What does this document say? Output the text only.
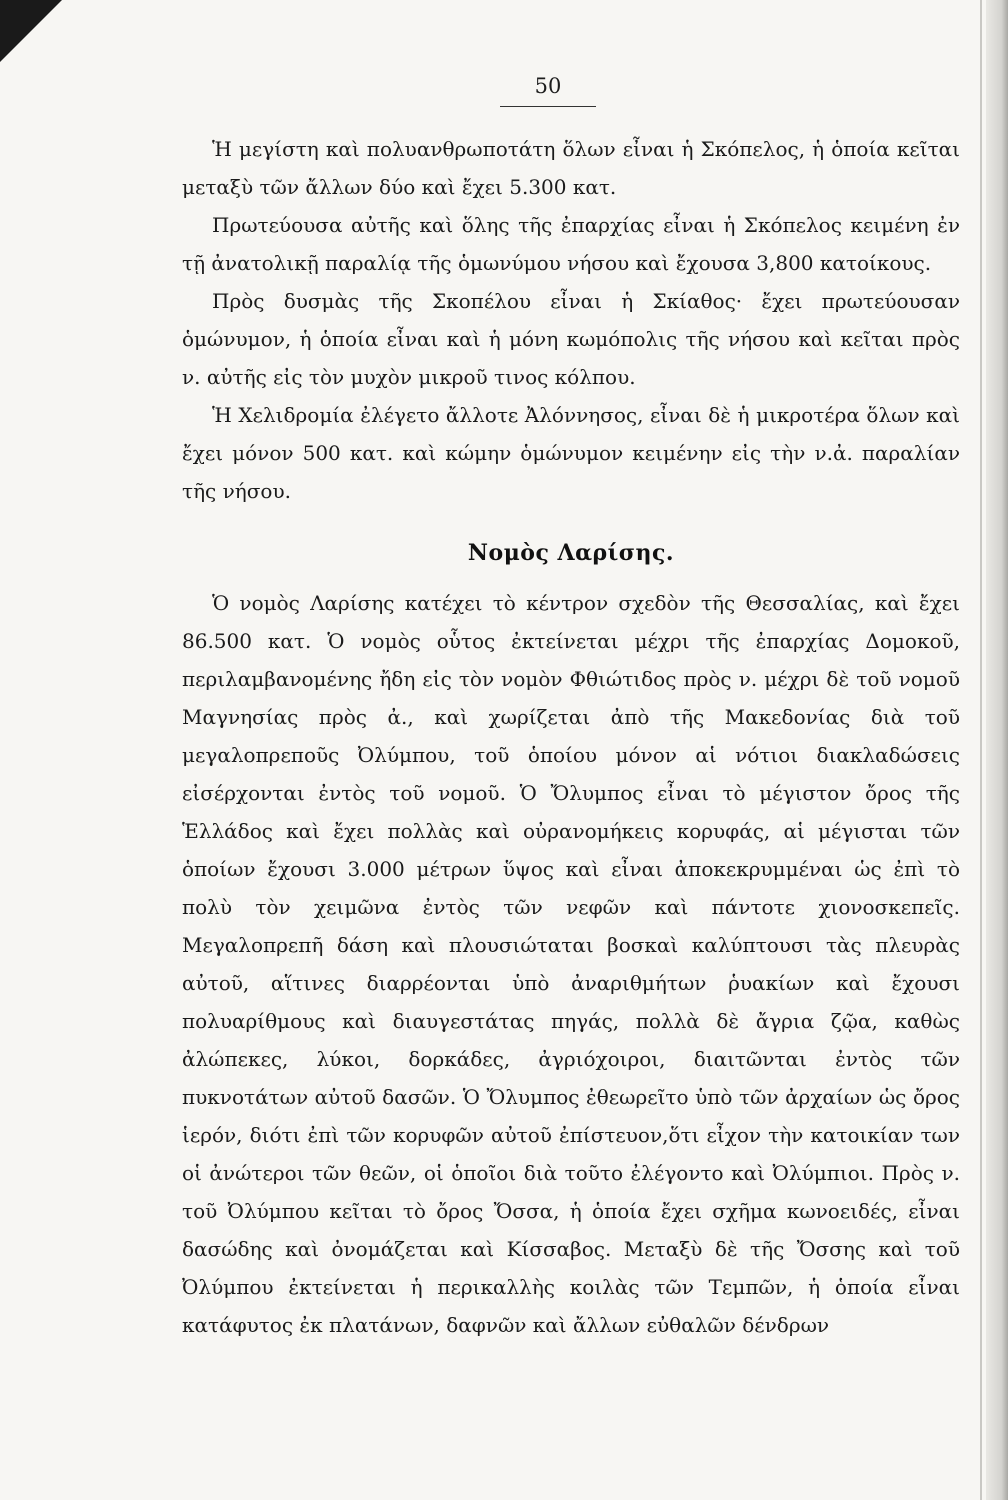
50

Ἡ μεγίστη καὶ πολυανθρωποτάτη ὅλων εἶναι ἡ Σκόπελος, ἡ ὁποία κεῖται μεταξὺ τῶν ἄλλων δύο καὶ ἔχει 5.300 κατ.

Πρωτεύουσα αὐτῆς καὶ ὅλης τῆς ἐπαρχίας εἶναι ἡ Σκόπελος κειμένη ἐν τῇ ἀνατολικῇ παραλίᾳ τῆς ὁμωνύμου νήσου καὶ ἔχουσα 3,800 κατοίκους.

Πρὸς δυσμὰς τῆς Σκοπέλου εἶναι ἡ Σκίαθος· ἔχει πρωτεύουσαν ὁμώνυμον, ἡ ὁποία εἶναι καὶ ἡ μόνη κωμόπολις τῆς νήσου καὶ κεῖται πρὸς ν. αὐτῆς εἰς τὸν μυχὸν μικροῦ τινος κόλπου.

Ἡ Χελιδρομία ἐλέγετο ἄλλοτε Ἀλόννησος, εἶναι δὲ ἡ μικροτέρα ὅλων καὶ ἔχει μόνον 500 κατ. καὶ κώμην ὁμώνυμον κειμένην εἰς τὴν ν.ἀ. παραλίαν τῆς νήσου.

Νομὸς Λαρίσης.

Ὁ νομὸς Λαρίσης κατέχει τὸ κέντρον σχεδὸν τῆς Θεσσαλίας, καὶ ἔχει 86.500 κατ. Ὁ νομὸς οὗτος ἐκτείνεται μέχρι τῆς ἐπαρχίας Δομοκοῦ, περιλαμβανομένης ἤδη εἰς τὸν νομὸν Φθιώτιδος πρὸς ν. μέχρι δὲ τοῦ νομοῦ Μαγνησίας πρὸς ἀ., καὶ χωρίζεται ἀπὸ τῆς Μακεδονίας διὰ τοῦ μεγαλοπρεποῦς Ὀλύμπου, τοῦ ὁποίου μόνον αἱ νότιοι διακλαδώσεις εἰσέρχονται ἐντὸς τοῦ νομοῦ. Ὁ Ὄλυμπος εἶναι τὸ μέγιστον ὄρος τῆς Ἑλλάδος καὶ ἔχει πολλὰς καὶ οὐρανομήκεις κορυφάς, αἱ μέγισται τῶν ὁποίων ἔχουσι 3.000 μέτρων ὕψος καὶ εἶναι ἀποκεκρυμμέναι ὡς ἐπὶ τὸ πολὺ τὸν χειμῶνα ἐντὸς τῶν νεφῶν καὶ πάντοτε χιονοσκεπεῖς. Μεγαλοπρεπῆ δάση καὶ πλουσιώταται βοσκαὶ καλύπτουσι τὰς πλευρὰς αὐτοῦ, αἵτινες διαρρέονται ὑπὸ ἀναριθμήτων ῥυακίων καὶ ἔχουσι πολυαρίθμους καὶ διαυγεστάτας πηγάς, πολλὰ δὲ ἄγρια ζῷα, καθὼς ἀλώπεκες, λύκοι, δορκάδες, ἀγριόχοιροι, διαιτῶνται ἐντὸς τῶν πυκνοτάτων αὐτοῦ δασῶν. Ὁ Ὄλυμπος ἐθεωρεῖτο ὑπὸ τῶν ἀρχαίων ὡς ὄρος ἱερόν, διότι ἐπὶ τῶν κορυφῶν αὐτοῦ ἐπίστευον,ὅτι εἶχον τὴν κατοικίαν των οἱ ἀνώτεροι τῶν θεῶν, οἱ ὁποῖοι διὰ τοῦτο ἐλέγοντο καὶ Ὀλύμπιοι. Πρὸς ν. τοῦ Ὀλύμπου κεῖται τὸ ὄρος Ὄσσα, ἡ ὁποία ἔχει σχῆμα κωνοειδές, εἶναι δασώδης καὶ ὀνομάζεται καὶ Κίσσαβος. Μεταξὺ δὲ τῆς Ὄσσης καὶ τοῦ Ὀλύμπου ἐκτείνεται ἡ περικαλλὴς κοιλὰς τῶν Τεμπῶν, ἡ ὁποία εἶναι κατάφυτος ἐκ πλατάνων, δαφνῶν καὶ ἄλλων εὐθαλῶν δένδρων
